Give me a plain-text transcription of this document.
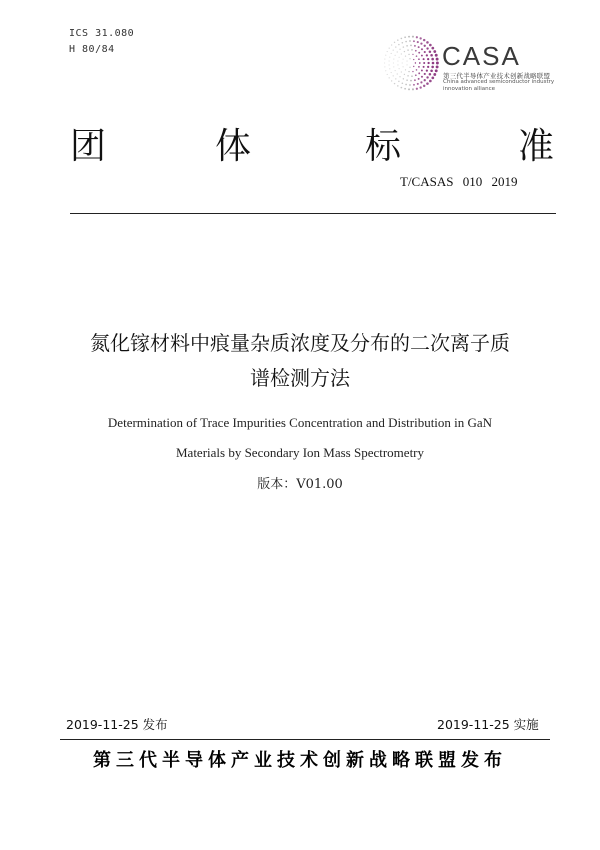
ICS 31.080
H 80/84	CASA
第三代半导体产业技术创新战略联盟
China advanced semiconductor industry
innovation alliance
团	体	标	准
T/CASAS 010 2019
氮化镓材料中痕量杂质浓度及分布的二次离子质
谱检测方法
Determination of Trace Impurities Concentration and Distribution in GaN
Materials by Secondary Ion Mass Spectrometry
版本：V01.00
2019-11-25 发布	2019-11-25 实施
第三代半导体产业技术创新战略联盟发布
